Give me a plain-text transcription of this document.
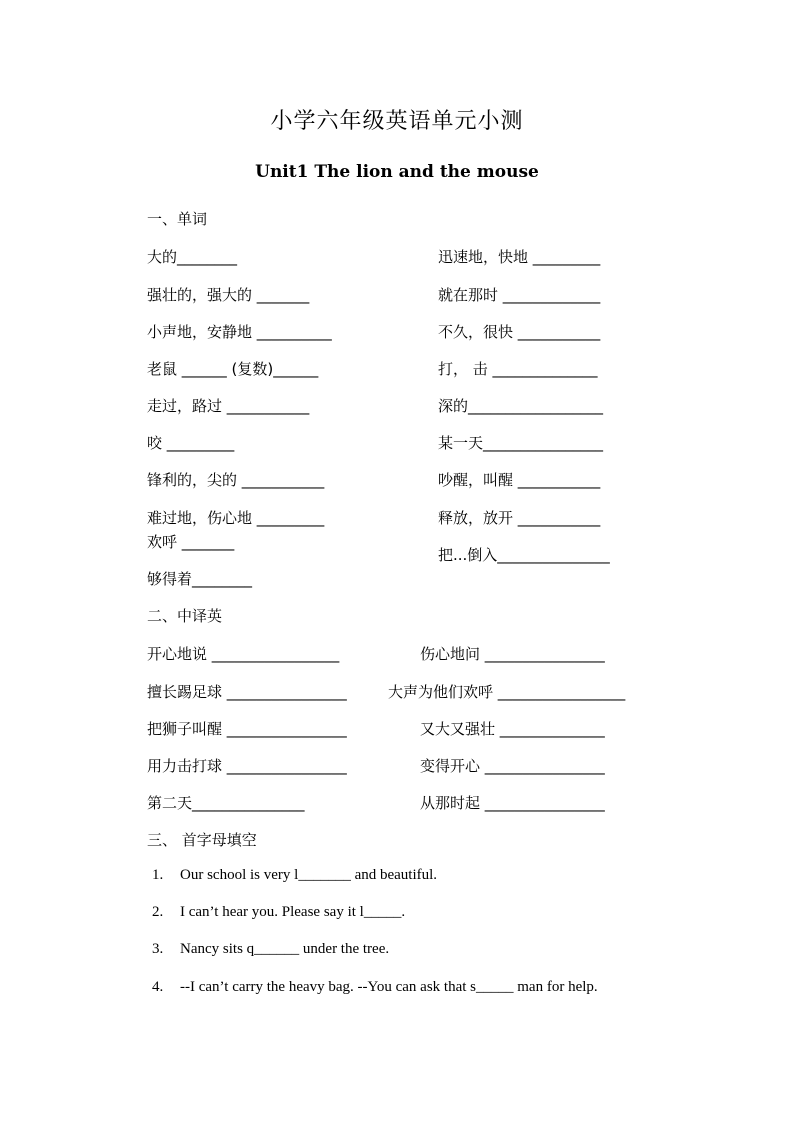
小学六年级英语单元小测
Unit1 The lion and the mouse
一、单词
大的________
强壮的，强大的 _______
小声地，安静地 __________
老鼠 ______ (复数)______
走过，路过 ___________
咬 _________
锋利的，尖的 ___________
难过地，伤心地 _________
欢呼 _______
够得着________
迅速地，快地 _________
就在那时 _____________
不久，很快 ___________
打， 击 ______________
深的__________________
某一天________________
吵醒，叫醒 ___________
释放，放开 ___________
把...倒入_______________
二、中译英
开心地说 _________________
擅长踢足球 ________________
把狮子叫醒 ________________
用力击打球 ________________
第二天_______________
伤心地问 ________________
大声为他们欢呼 _________________
又大又强壮 ______________
变得开心 ________________
从那时起 ________________
三、 首字母填空
1. Our school is very l_______ and beautiful.
2. I can’t hear you. Please say it l_____.
3. Nancy sits q______ under the tree.
4. --I can’t carry the heavy bag. --You can ask that s_____ man for help.
